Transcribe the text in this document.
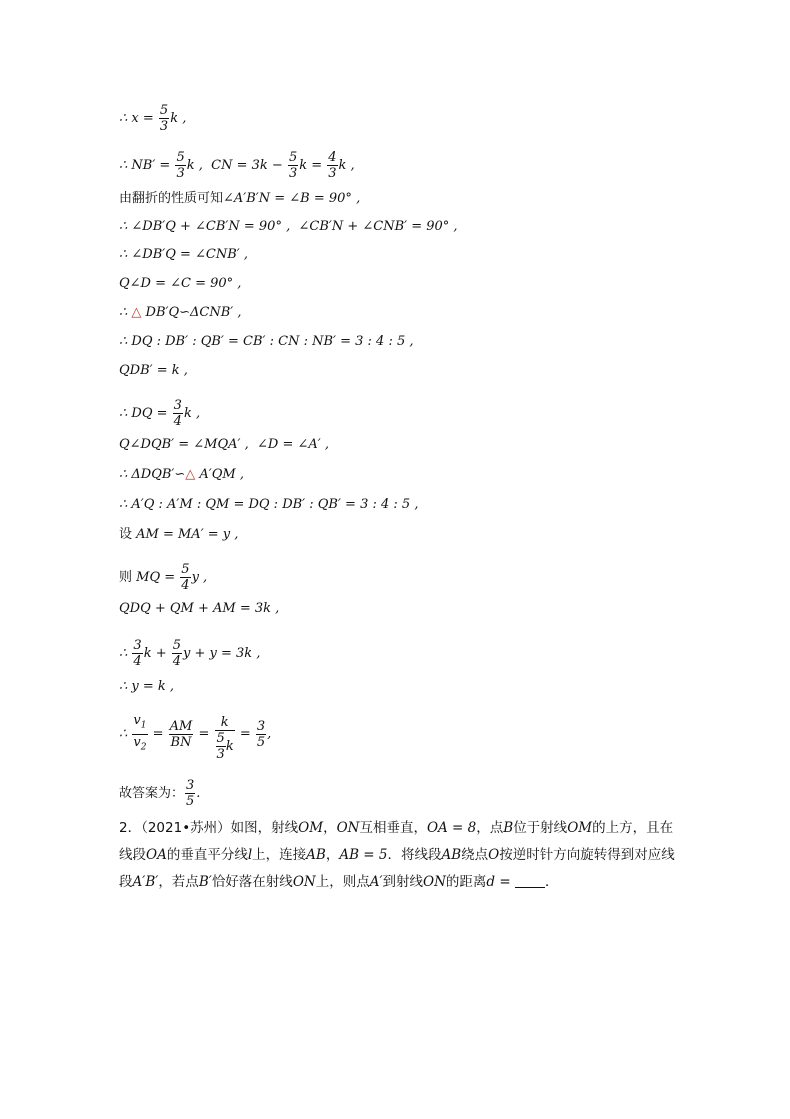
∴ $x = \frac{5}{3}$ k ,
∴ $NB' = \frac{5}{3}$ k ,  CN = $3k - \frac{5}{3}$ $k = \frac{4}{3}$ k ,
由翻折的性质可知∠A′B′N = ∠B = 90° ,
∴ ∠DB′Q + ∠CB′N = 90° ,  ∠CB′N + ∠CNB′ = 90° ,
∴ ∠DB′Q = ∠CNB′ ,
Q∠D = ∠C = 90° ,
∴ △ DB′Q∽ΔCNB′ ,
∴ DQ : DB′ : QB′ = CB′ : CN : NB′ = 3 : 4 : 5 ,
QDB′ = k ,
∴ DQ = $\frac{3}{4}$ k ,
Q∠DQB′ = ∠MQA′ ,  ∠D = ∠A′ ,
∴ ΔDQB′∽△ A′QM ,
∴ A′Q : A′M : QM = DQ : DB′ : QB′ = 3 : 4 : 5 ,
设 AM = MA′ = y ,
则 MQ = $\frac{5}{4}$ y ,
QDQ + QM + AM = 3k ,
∴ $\frac{3}{4}$ $k + \frac{5}{4}$ y + y = 3k ,
∴ y = k ,
∴ $\frac{v_1}{v_2} = \frac{AM}{BN} = \frac{k}{\frac{5}{3} k} = \frac{3}{5}$ ,
故答案为： $\frac{3}{5}$ .
2．（2021•苏州）如图，射线OM，ON互相垂直，OA = 8，点B位于射线OM的上方，且在线段OA的垂直平分线l上，连接AB，AB = 5．将线段AB绕点O按逆时针方向旋转得到对应线段A′B′，若点B′恰好落在射线ON上，则点A′到射线ON的距离d = ．
